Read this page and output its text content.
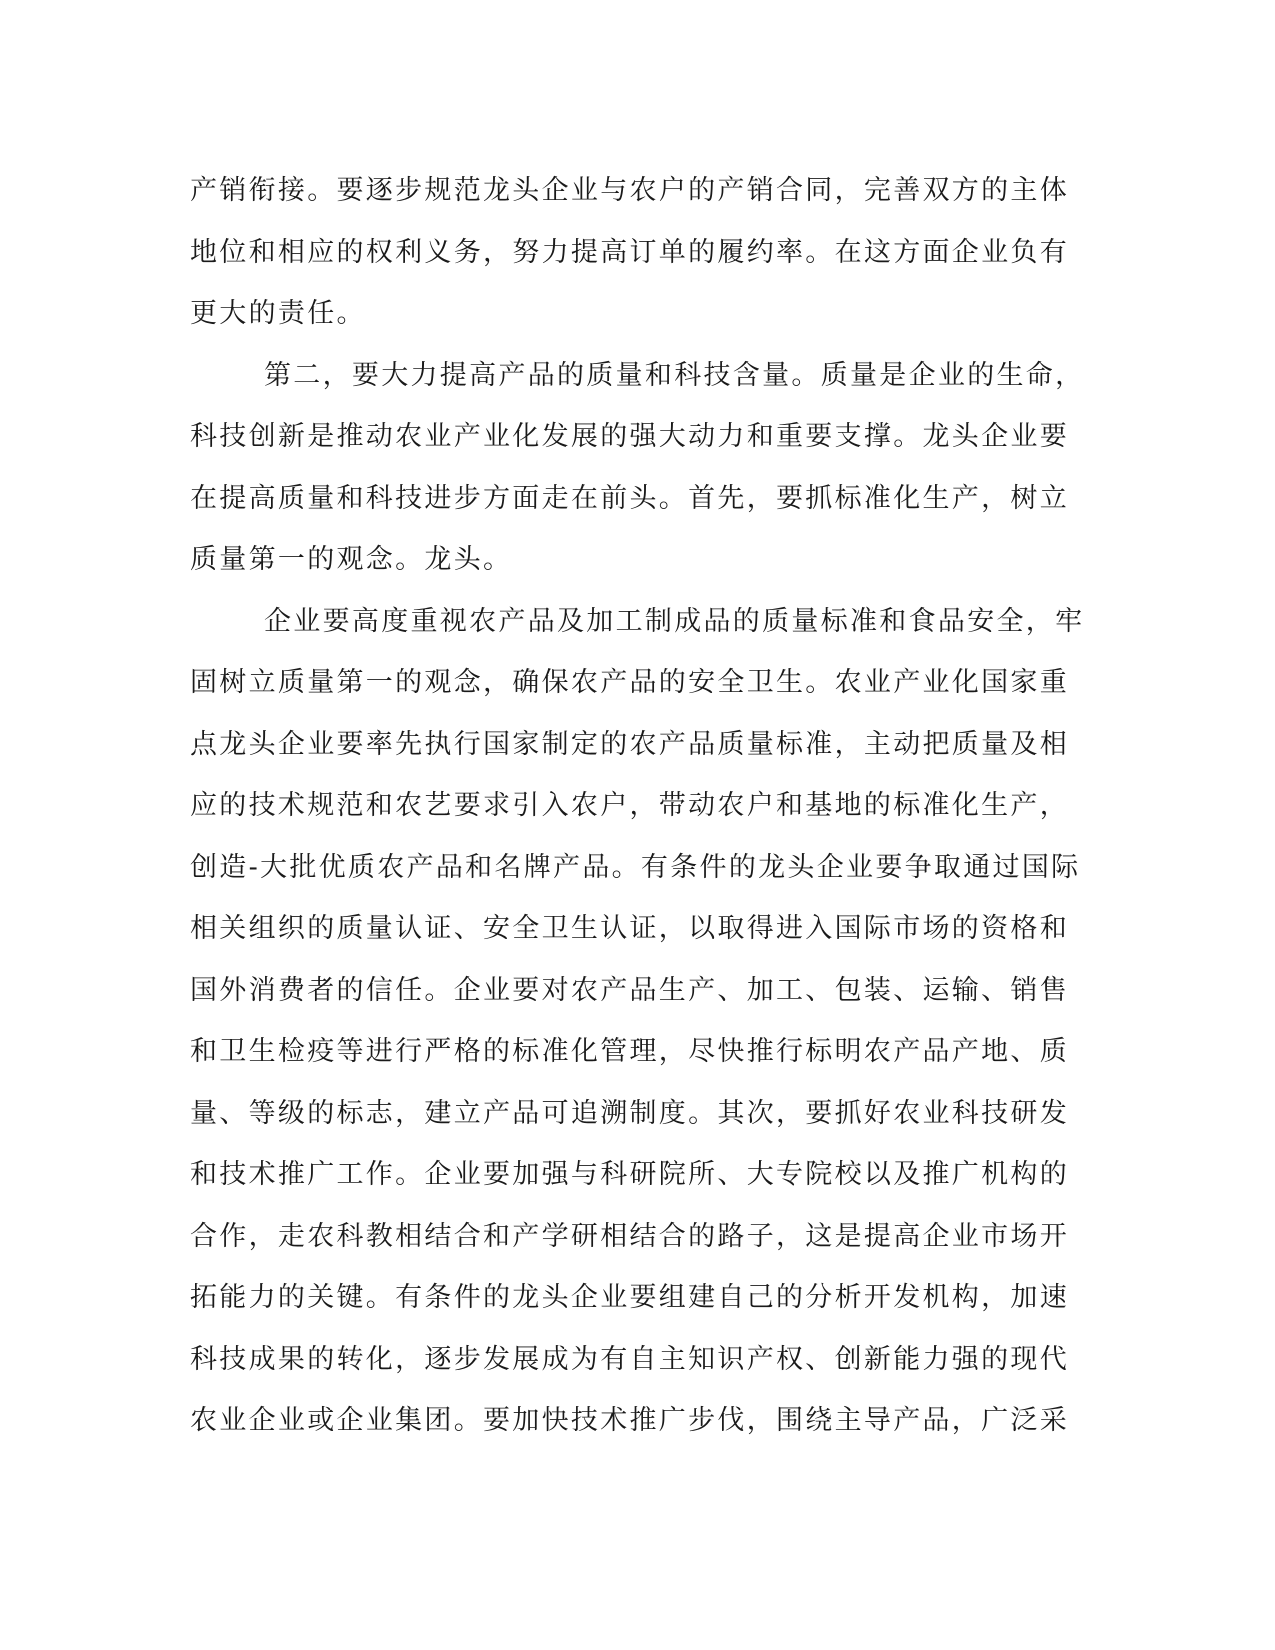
产销衔接。要逐步规范龙头企业与农户的产销合同，完善双方的主体
地位和相应的权利义务，努力提高订单的履约率。在这方面企业负有
更大的责任。
第二，要大力提高产品的质量和科技含量。质量是企业的生命，
科技创新是推动农业产业化发展的强大动力和重要支撑。龙头企业要
在提高质量和科技进步方面走在前头。首先，要抓标准化生产，树立
质量第一的观念。龙头。
企业要高度重视农产品及加工制成品的质量标准和食品安全，牢
固树立质量第一的观念，确保农产品的安全卫生。农业产业化国家重
点龙头企业要率先执行国家制定的农产品质量标准，主动把质量及相
应的技术规范和农艺要求引入农户，带动农户和基地的标准化生产，
创造-大批优质农产品和名牌产品。有条件的龙头企业要争取通过国际
相关组织的质量认证、安全卫生认证，以取得进入国际市场的资格和
国外消费者的信任。企业要对农产品生产、加工、包装、运输、销售
和卫生检疫等进行严格的标准化管理，尽快推行标明农产品产地、质
量、等级的标志，建立产品可追溯制度。其次，要抓好农业科技研发
和技术推广工作。企业要加强与科研院所、大专院校以及推广机构的
合作，走农科教相结合和产学研相结合的路子，这是提高企业市场开
拓能力的关键。有条件的龙头企业要组建自己的分析开发机构，加速
科技成果的转化，逐步发展成为有自主知识产权、创新能力强的现代
农业企业或企业集团。要加快技术推广步伐，围绕主导产品，广泛采
